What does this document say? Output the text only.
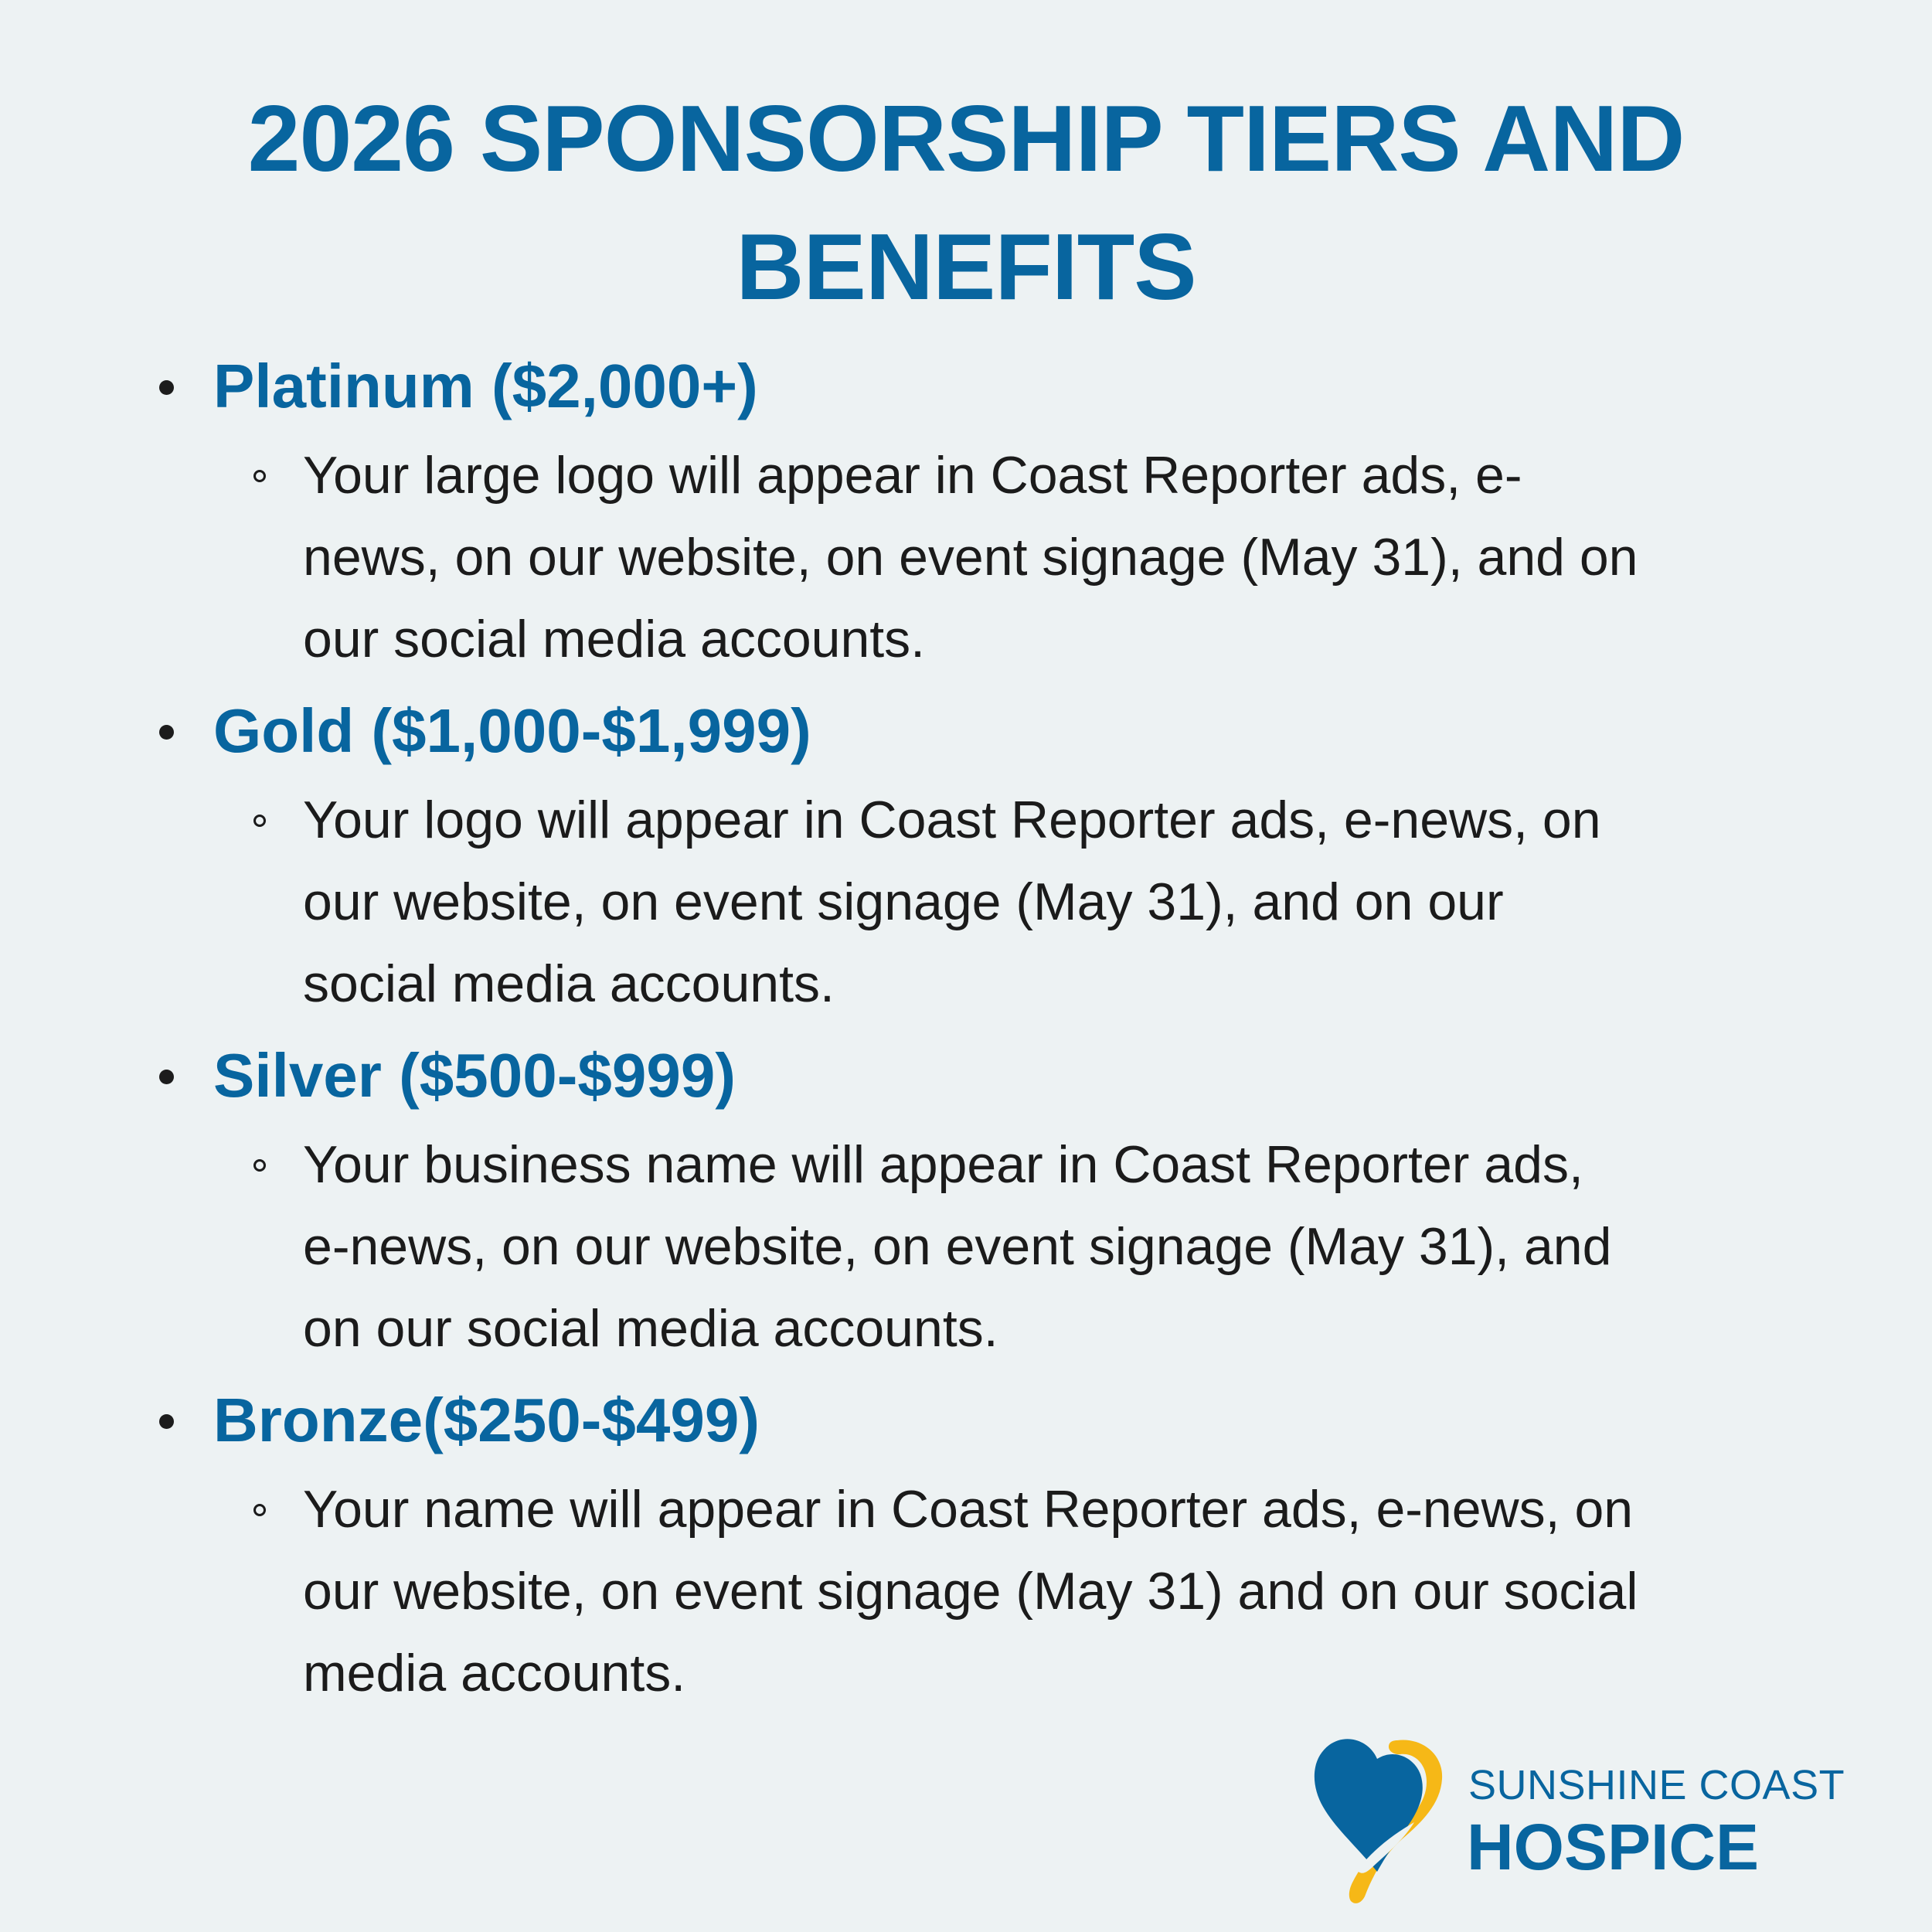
2026 SPONSORSHIP TIERS AND
BENEFITS
Platinum ($2,000+)
Your large logo will appear in Coast Reporter ads, e-
news, on our website, on event signage (May 31), and on
our social media accounts.
Gold ($1,000-$1,999)
Your logo will appear in Coast Reporter ads, e-news, on
our website, on event signage (May 31), and on our
social media accounts.
Silver ($500-$999)
Your business name will appear in Coast Reporter ads,
e-news, on our website, on event signage (May 31), and
on our social media accounts.
Bronze($250-$499)
Your name will appear in Coast Reporter ads, e-news, on
our website, on event signage (May 31) and on our social
media accounts.
SUNSHINE COAST
HOSPICE
